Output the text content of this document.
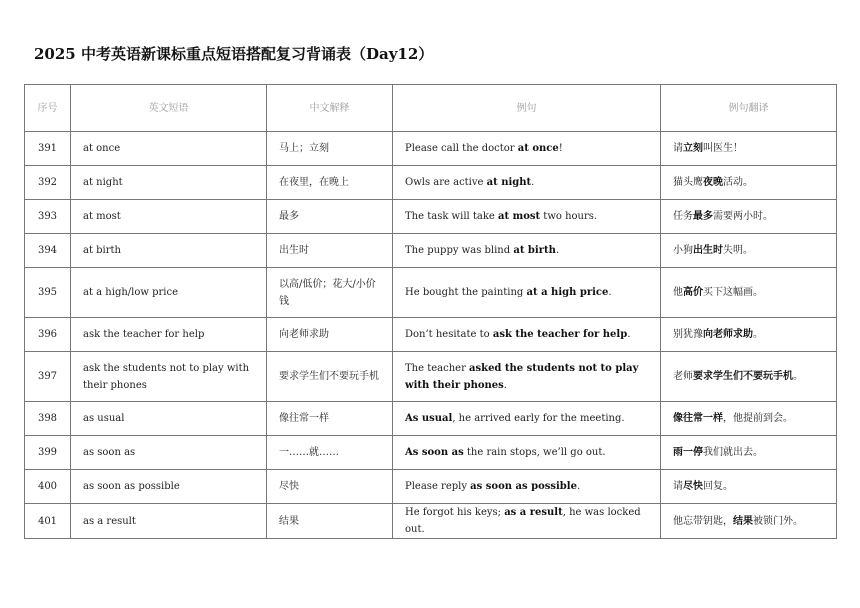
2025 中考英语新课标重点短语搭配复习背诵表（Day12）
序号	英文短语	中文解释	例句	例句翻译
391	at once	马上；立刻	Please call the doctor at once!	请立刻叫医生！
392	at night	在夜里，在晚上	Owls are active at night.	猫头鹰夜晚活动。
393	at most	最多	The task will take at most two hours.	任务最多需要两小时。
394	at birth	出生时	The puppy was blind at birth.	小狗出生时失明。
395	at a high/low price	以高/低价；花大/小价钱	He bought the painting at a high price.	他高价买下这幅画。
396	ask the teacher for help	向老师求助	Don’t hesitate to ask the teacher for help.	别犹豫向老师求助。
397	ask the students not to play with their phones	要求学生们不要玩手机	The teacher asked the students not to play with their phones.	老师要求学生们不要玩手机。
398	as usual	像往常一样	As usual, he arrived early for the meeting.	像往常一样，他提前到会。
399	as soon as	一……就……	As soon as the rain stops, we’ll go out.	雨一停我们就出去。
400	as soon as possible	尽快	Please reply as soon as possible.	请尽快回复。
401	as a result	结果	He forgot his keys; as a result, he was locked out.	他忘带钥匙，结果被锁门外。
